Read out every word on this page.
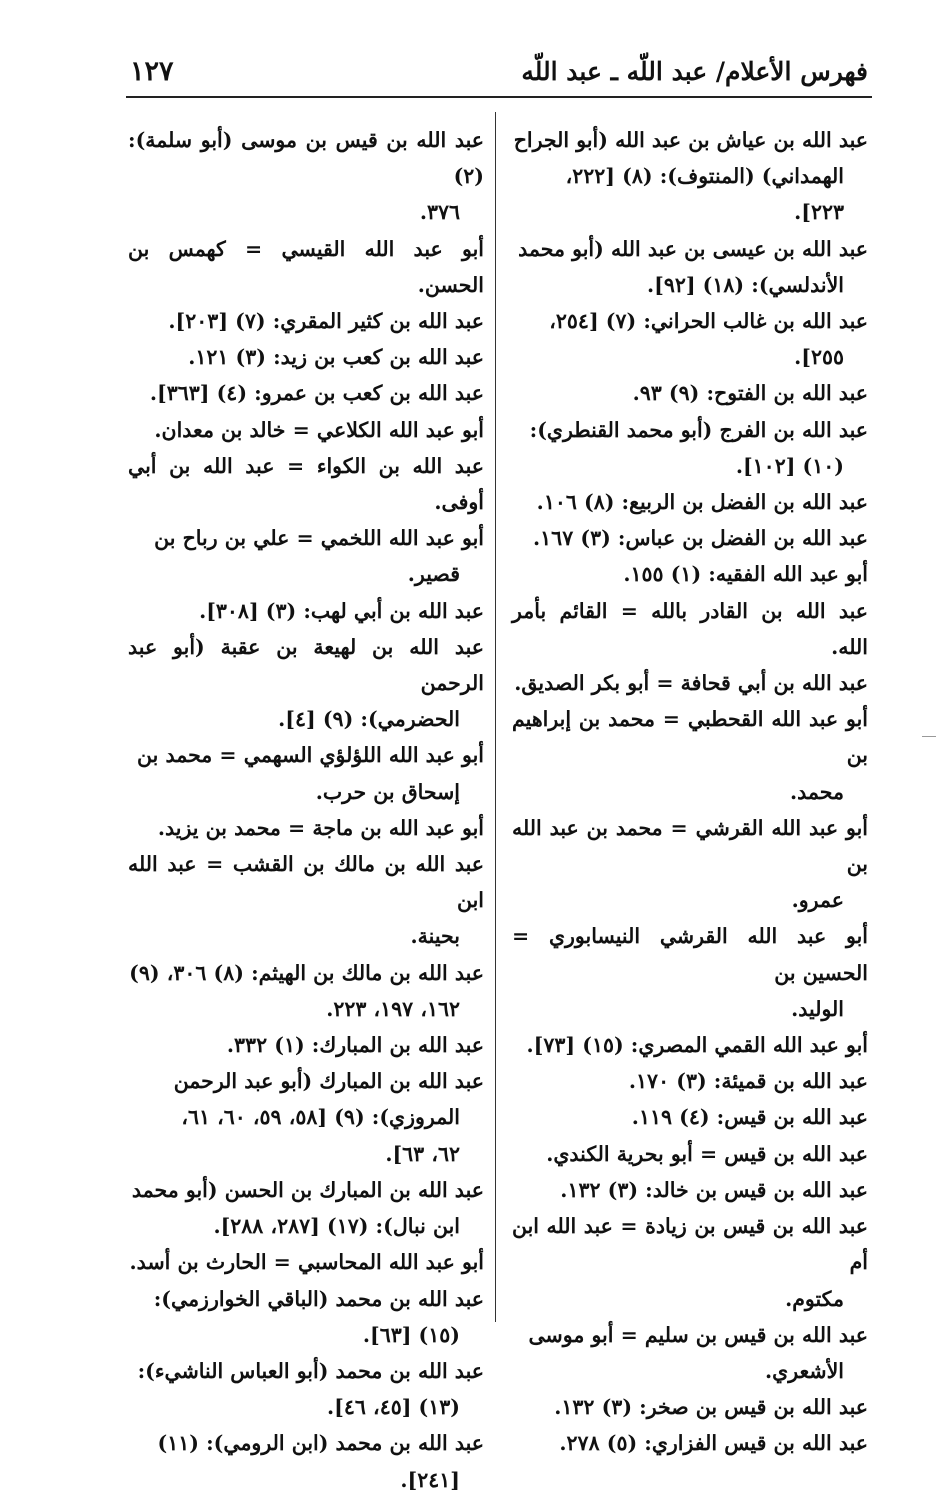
١٢٧	فهرس الأعلام/ عبد اللّه ـ عبد اللّه
عبد الله بن عياش بن عبد الله (أبو الجراح
الهمداني) (المنتوف): (٨) [٢٢٢،
٢٢٣].
عبد الله بن عيسى بن عبد الله (أبو محمد
الأندلسي): (١٨) [٩٢].
عبد الله بن غالب الحراني: (٧) [٢٥٤،
٢٥٥].
عبد الله بن الفتوح: (٩) ٩٣.
عبد الله بن الفرج (أبو محمد القنطري):
(١٠) [١٠٢].
عبد الله بن الفضل بن الربيع: (٨) ١٠٦.
عبد الله بن الفضل بن عباس: (٣) ١٦٧.
أبو عبد الله الفقيه: (١) ١٥٥.
عبد الله بن القادر بالله = القائم بأمر الله.
عبد الله بن أبي قحافة = أبو بكر الصديق.
أبو عبد الله القحطبي = محمد بن إبراهيم بن
محمد.
أبو عبد الله القرشي = محمد بن عبد الله بن
عمرو.
أبو عبد الله القرشي النيسابوري = الحسين بن
الوليد.
أبو عبد الله القمي المصري: (١٥) [٧٣].
عبد الله بن قميئة: (٣) ١٧٠.
عبد الله بن قيس: (٤) ١١٩.
عبد الله بن قيس = أبو بحرية الكندي.
عبد الله بن قيس بن خالد: (٣) ١٣٢.
عبد الله بن قيس بن زيادة = عبد الله ابن أم
مكتوم.
عبد الله بن قيس بن سليم = أبو موسى
الأشعري.
عبد الله بن قيس بن صخر: (٣) ١٣٢.
عبد الله بن قيس الفزاري: (٥) ٢٧٨.
عبد الله بن قيس بن موسى (أبو سلمة): (٢)
٣٧٦.
أبو عبد الله القيسي = كهمس بن الحسن.
عبد الله بن كثير المقري: (٧) [٢٠٣].
عبد الله بن كعب بن زيد: (٣) ١٢١.
عبد الله بن كعب بن عمرو: (٤) [٣٦٣].
أبو عبد الله الكلاعي = خالد بن معدان.
عبد الله بن الكواء = عبد الله بن أبي أوفى.
أبو عبد الله اللخمي = علي بن رباح بن
قصير.
عبد الله بن أبي لهب: (٣) [٣٠٨].
عبد الله بن لهيعة بن عقبة (أبو عبد الرحمن
الحضرمي): (٩) [٤].
أبو عبد الله اللؤلؤي السهمي = محمد بن
إسحاق بن حرب.
أبو عبد الله بن ماجة = محمد بن يزيد.
عبد الله بن مالك بن القشب = عبد الله ابن
بحينة.
عبد الله بن مالك بن الهيثم: (٨) ٣٠٦، (٩)
١٦٢، ١٩٧، ٢٢٣.
عبد الله بن المبارك: (١) ٣٣٢.
عبد الله بن المبارك (أبو عبد الرحمن
المروزي): (٩) [٥٨، ٥٩، ٦٠، ٦١،
٦٢، ٦٣].
عبد الله بن المبارك بن الحسن (أبو محمد
ابن نبال): (١٧) [٢٨٧، ٢٨٨].
أبو عبد الله المحاسبي = الحارث بن أسد.
عبد الله بن محمد (الباقي الخوارزمي):
(١٥) [٦٣].
عبد الله بن محمد (أبو العباس الناشيء):
(١٣) [٤٥، ٤٦].
عبد الله بن محمد (ابن الرومي): (١١)
[٢٤١].
